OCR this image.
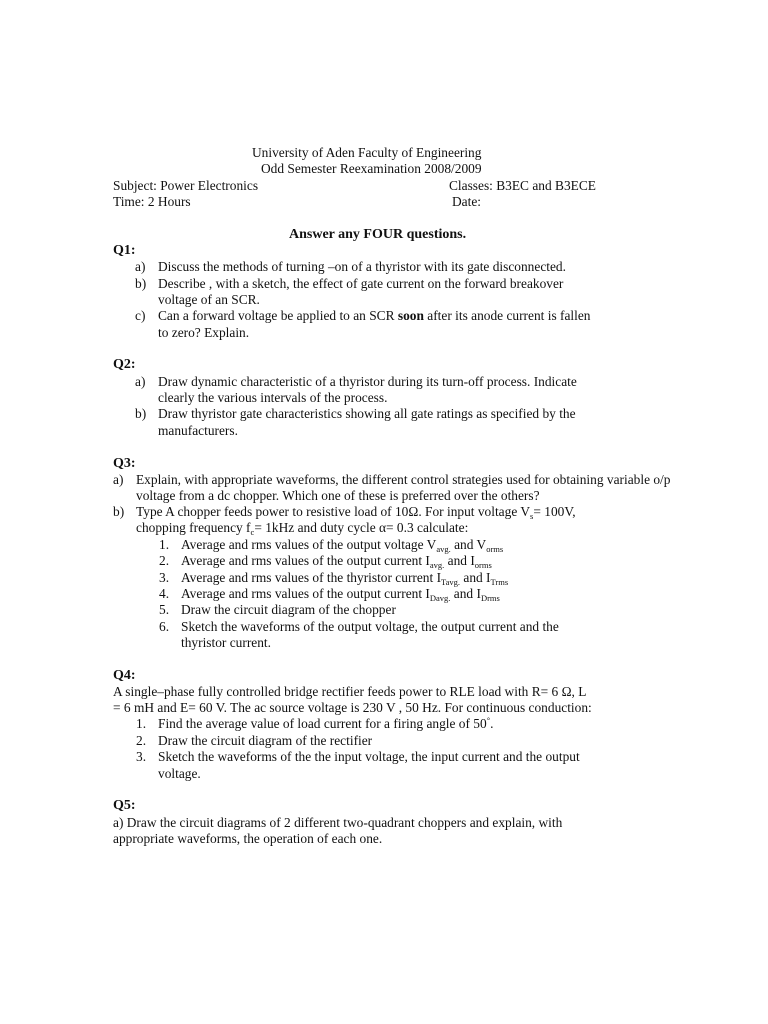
University of Aden Faculty of Engineering
Odd Semester Reexamination 2008/2009
Subject: Power Electronics	Classes: B3EC and B3ECE
Time: 2 Hours	Date:
Answer any FOUR questions.
Q1:
a) Discuss the methods of turning –on of a thyristor with its gate disconnected.
b) Describe , with a sketch, the effect of gate current on the forward breakover
voltage of an SCR.
c) Can a forward voltage be applied to an SCR soon after its anode current is fallen
to zero? Explain.
Q2:
a) Draw dynamic characteristic of a thyristor during its turn-off process. Indicate
clearly the various intervals of the process.
b) Draw thyristor gate characteristics showing all gate ratings as specified by the
manufacturers.
Q3:
a) Explain, with appropriate waveforms, the different control strategies used for obtaining variable o/p
voltage from a dc chopper. Which one of these is preferred over the others?
b) Type A chopper feeds power to resistive load of 10Ω. For input voltage $V_s= 100V$,
chopping frequency $f_c= 1kHz$ and duty cycle α= 0.3 calculate:
1. Average and rms values of the output voltage $V_{avg.}$ and $V_{orms}$
2. Average and rms values of the output current $I_{avg.}$ and $I_{orms}$
3. Average and rms values of the thyristor current $I_{Tavg.}$ and $I_{Trms}$
4. Average and rms values of the output current $I_{Davg.}$ and $I_{Drms}$
5. Draw the circuit diagram of the chopper
6. Sketch the waveforms of the output voltage, the output current and the
thyristor current.
Q4:
A single–phase fully controlled bridge rectifier feeds power to RLE load with R= 6 Ω, L
= 6 mH and E= 60 V. The ac source voltage is 230 V , 50 Hz. For continuous conduction:
1. Find the average value of load current for a firing angle of 50°.
2. Draw the circuit diagram of the rectifier
3. Sketch the waveforms of the the input voltage, the input current and the output
voltage.
Q5:
a) Draw the circuit diagrams of 2 different two-quadrant choppers and explain, with
appropriate waveforms, the operation of each one.
